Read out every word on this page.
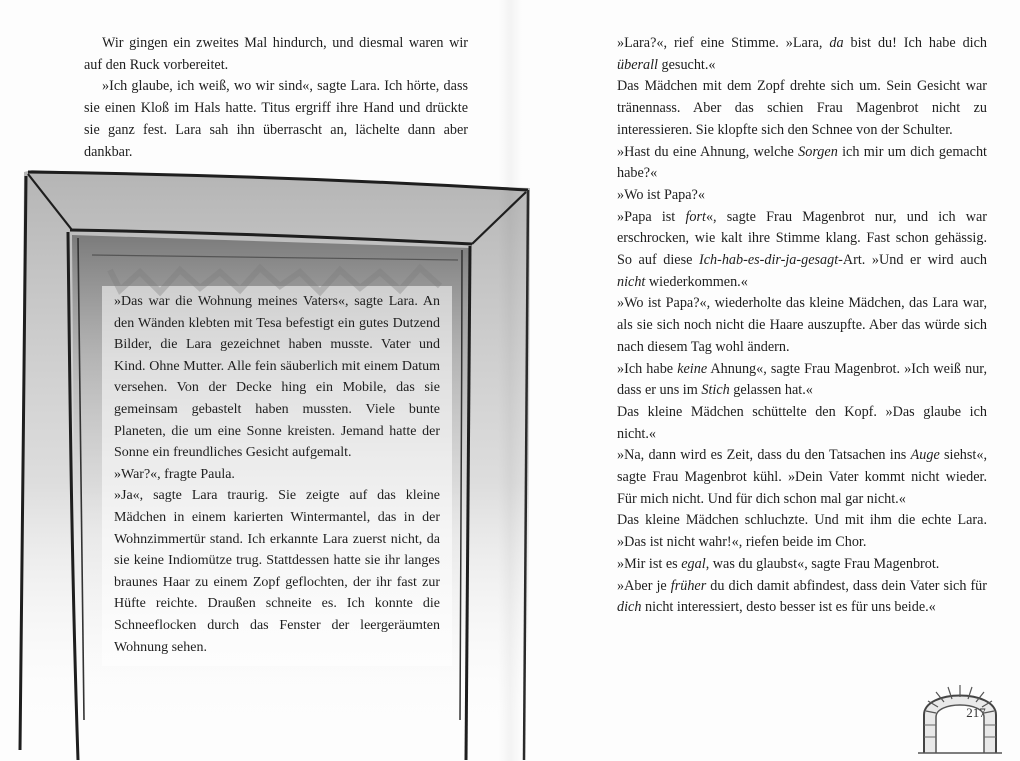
Wir gingen ein zweites Mal hindurch, und diesmal waren wir auf den Ruck vorbereitet.

»Ich glaube, ich weiß, wo wir sind«, sagte Lara. Ich hörte, dass sie einen Kloß im Hals hatte. Titus ergriff ihre Hand und drückte sie ganz fest. Lara sah ihn überrascht an, lächelte dann aber dankbar.

»Das war die Wohnung meines Vaters«, sagte Lara. An den Wänden klebten mit Tesa befestigt ein gutes Dutzend Bilder, die Lara gezeichnet haben musste. Vater und Kind. Ohne Mutter. Alle fein säuberlich mit einem Datum versehen. Von der Decke hing ein Mobile, das sie gemeinsam gebastelt haben mussten. Viele bunte Planeten, die um eine Sonne kreisten. Jemand hatte der Sonne ein freundliches Gesicht aufgemalt.

»War?«, fragte Paula.

»Ja«, sagte Lara traurig. Sie zeigte auf das kleine Mädchen in einem karierten Wintermantel, das in der Wohnzimmertür stand. Ich erkannte Lara zuerst nicht, da sie keine Indiomütze trug. Stattdessen hatte sie ihr langes braunes Haar zu einem Zopf geflochten, der ihr fast zur Hüfte reichte. Draußen schneite es. Ich konnte die Schneeflocken durch das Fenster der leergeräumten Wohnung sehen.

»Lara?«, rief eine Stimme. »Lara, da bist du! Ich habe dich überall gesucht.«

Das Mädchen mit dem Zopf drehte sich um. Sein Gesicht war tränennass. Aber das schien Frau Magenbrot nicht zu interessieren. Sie klopfte sich den Schnee von der Schulter.

»Hast du eine Ahnung, welche Sorgen ich mir um dich gemacht habe?«

»Wo ist Papa?«

»Papa ist fort«, sagte Frau Magenbrot nur, und ich war erschrocken, wie kalt ihre Stimme klang. Fast schon gehässig. So auf diese Ich-hab-es-dir-ja-gesagt-Art. »Und er wird auch nicht wiederkommen.«

»Wo ist Papa?«, wiederholte das kleine Mädchen, das Lara war, als sie sich noch nicht die Haare auszupfte. Aber das würde sich nach diesem Tag wohl ändern.

»Ich habe keine Ahnung«, sagte Frau Magenbrot. »Ich weiß nur, dass er uns im Stich gelassen hat.«

Das kleine Mädchen schüttelte den Kopf. »Das glaube ich nicht.«

»Na, dann wird es Zeit, dass du den Tatsachen ins Auge siehst«, sagte Frau Magenbrot kühl. »Dein Vater kommt nicht wieder. Für mich nicht. Und für dich schon mal gar nicht.«

Das kleine Mädchen schluchzte. Und mit ihm die echte Lara. »Das ist nicht wahr!«, riefen beide im Chor.

»Mir ist es egal, was du glaubst«, sagte Frau Magenbrot.

»Aber je früher du dich damit abfindest, dass dein Vater sich für dich nicht interessiert, desto besser ist es für uns beide.«

217
